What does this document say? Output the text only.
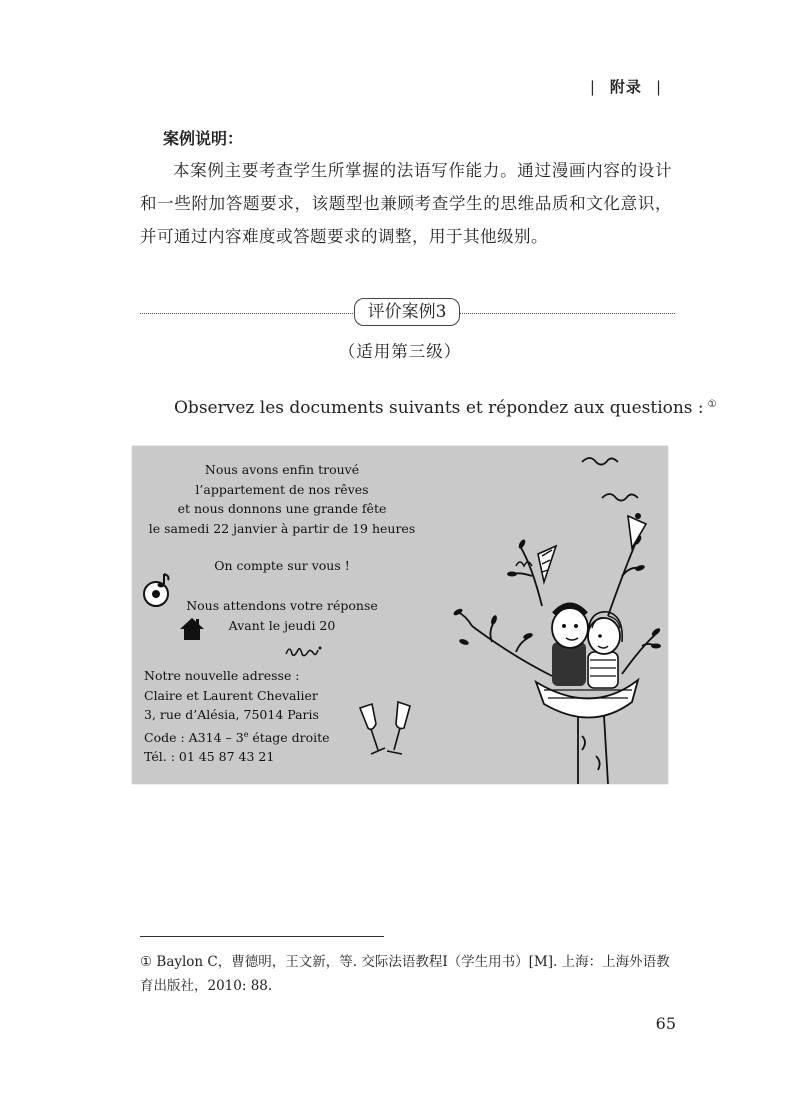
| 附录 |
案例说明：
本案例主要考查学生所掌握的法语写作能力。通过漫画内容的设计和一些附加答题要求，该题型也兼顾考查学生的思维品质和文化意识，并可通过内容难度或答题要求的调整，用于其他级别。
评价案例3
（适用第三级）
Observez les documents suivants et répondez aux questions : ①
Nous avons enfin trouvé
l’appartement de nos rêves
et nous donnons une grande fête
le samedi 22 janvier à partir de 19 heures
On compte sur vous !
Nous attendons votre réponse
Avant le jeudi 20
Notre nouvelle adresse :
Claire et Laurent Chevalier
3, rue d’Alésia, 75014 Paris
Code : A314 – 3e étage droite
Tél. : 01 45 87 43 21
① Baylon C，曹德明，王文新，等. 交际法语教程Ⅰ（学生用书）[M]. 上海：上海外语教育出版社，2010: 88.
65
